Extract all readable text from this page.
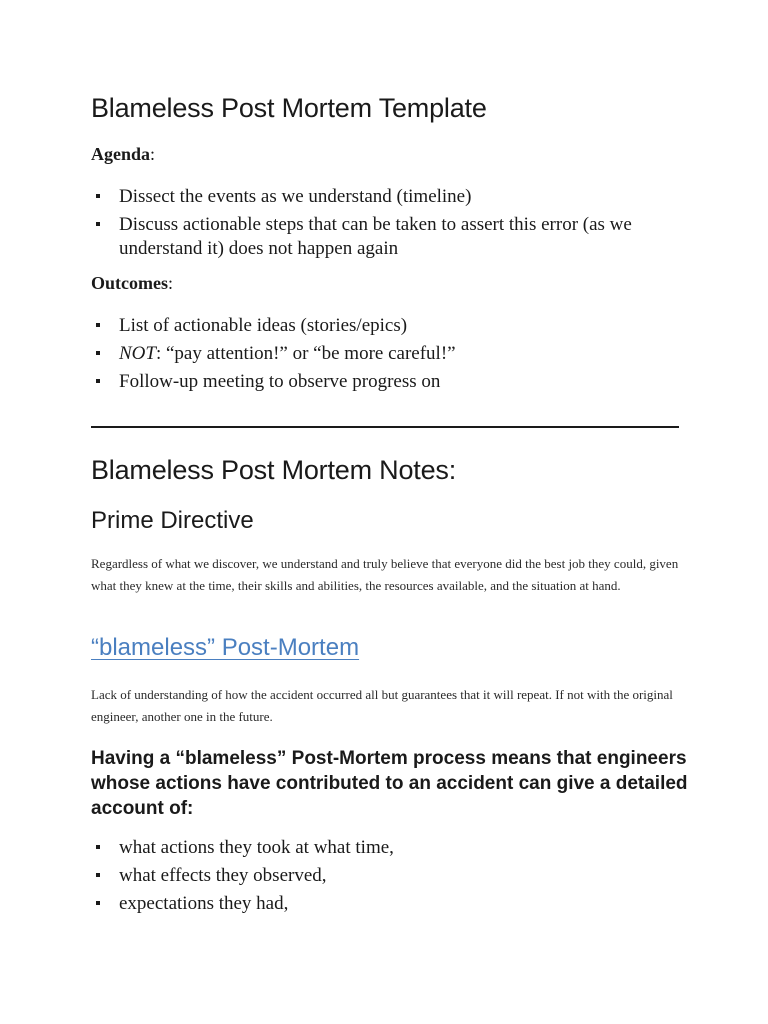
Blameless Post Mortem Template

Agenda:

Dissect the events as we understand (timeline)
Discuss actionable steps that can be taken to assert this error (as we understand it) does not happen again

Outcomes:

List of actionable ideas (stories/epics)
NOT: “pay attention!” or “be more careful!”
Follow-up meeting to observe progress on
Blameless Post Mortem Notes:
Prime Directive

Regardless of what we discover, we understand and truly believe that everyone did the best job they could, given what they knew at the time, their skills and abilities, the resources available, and the situation at hand.

“blameless” Post-Mortem

Lack of understanding of how the accident occurred all but guarantees that it will repeat. If not with the original engineer, another one in the future.

Having a “blameless” Post-Mortem process means that engineers whose actions have contributed to an accident can give a detailed account of:

what actions they took at what time,
what effects they observed,
expectations they had,
